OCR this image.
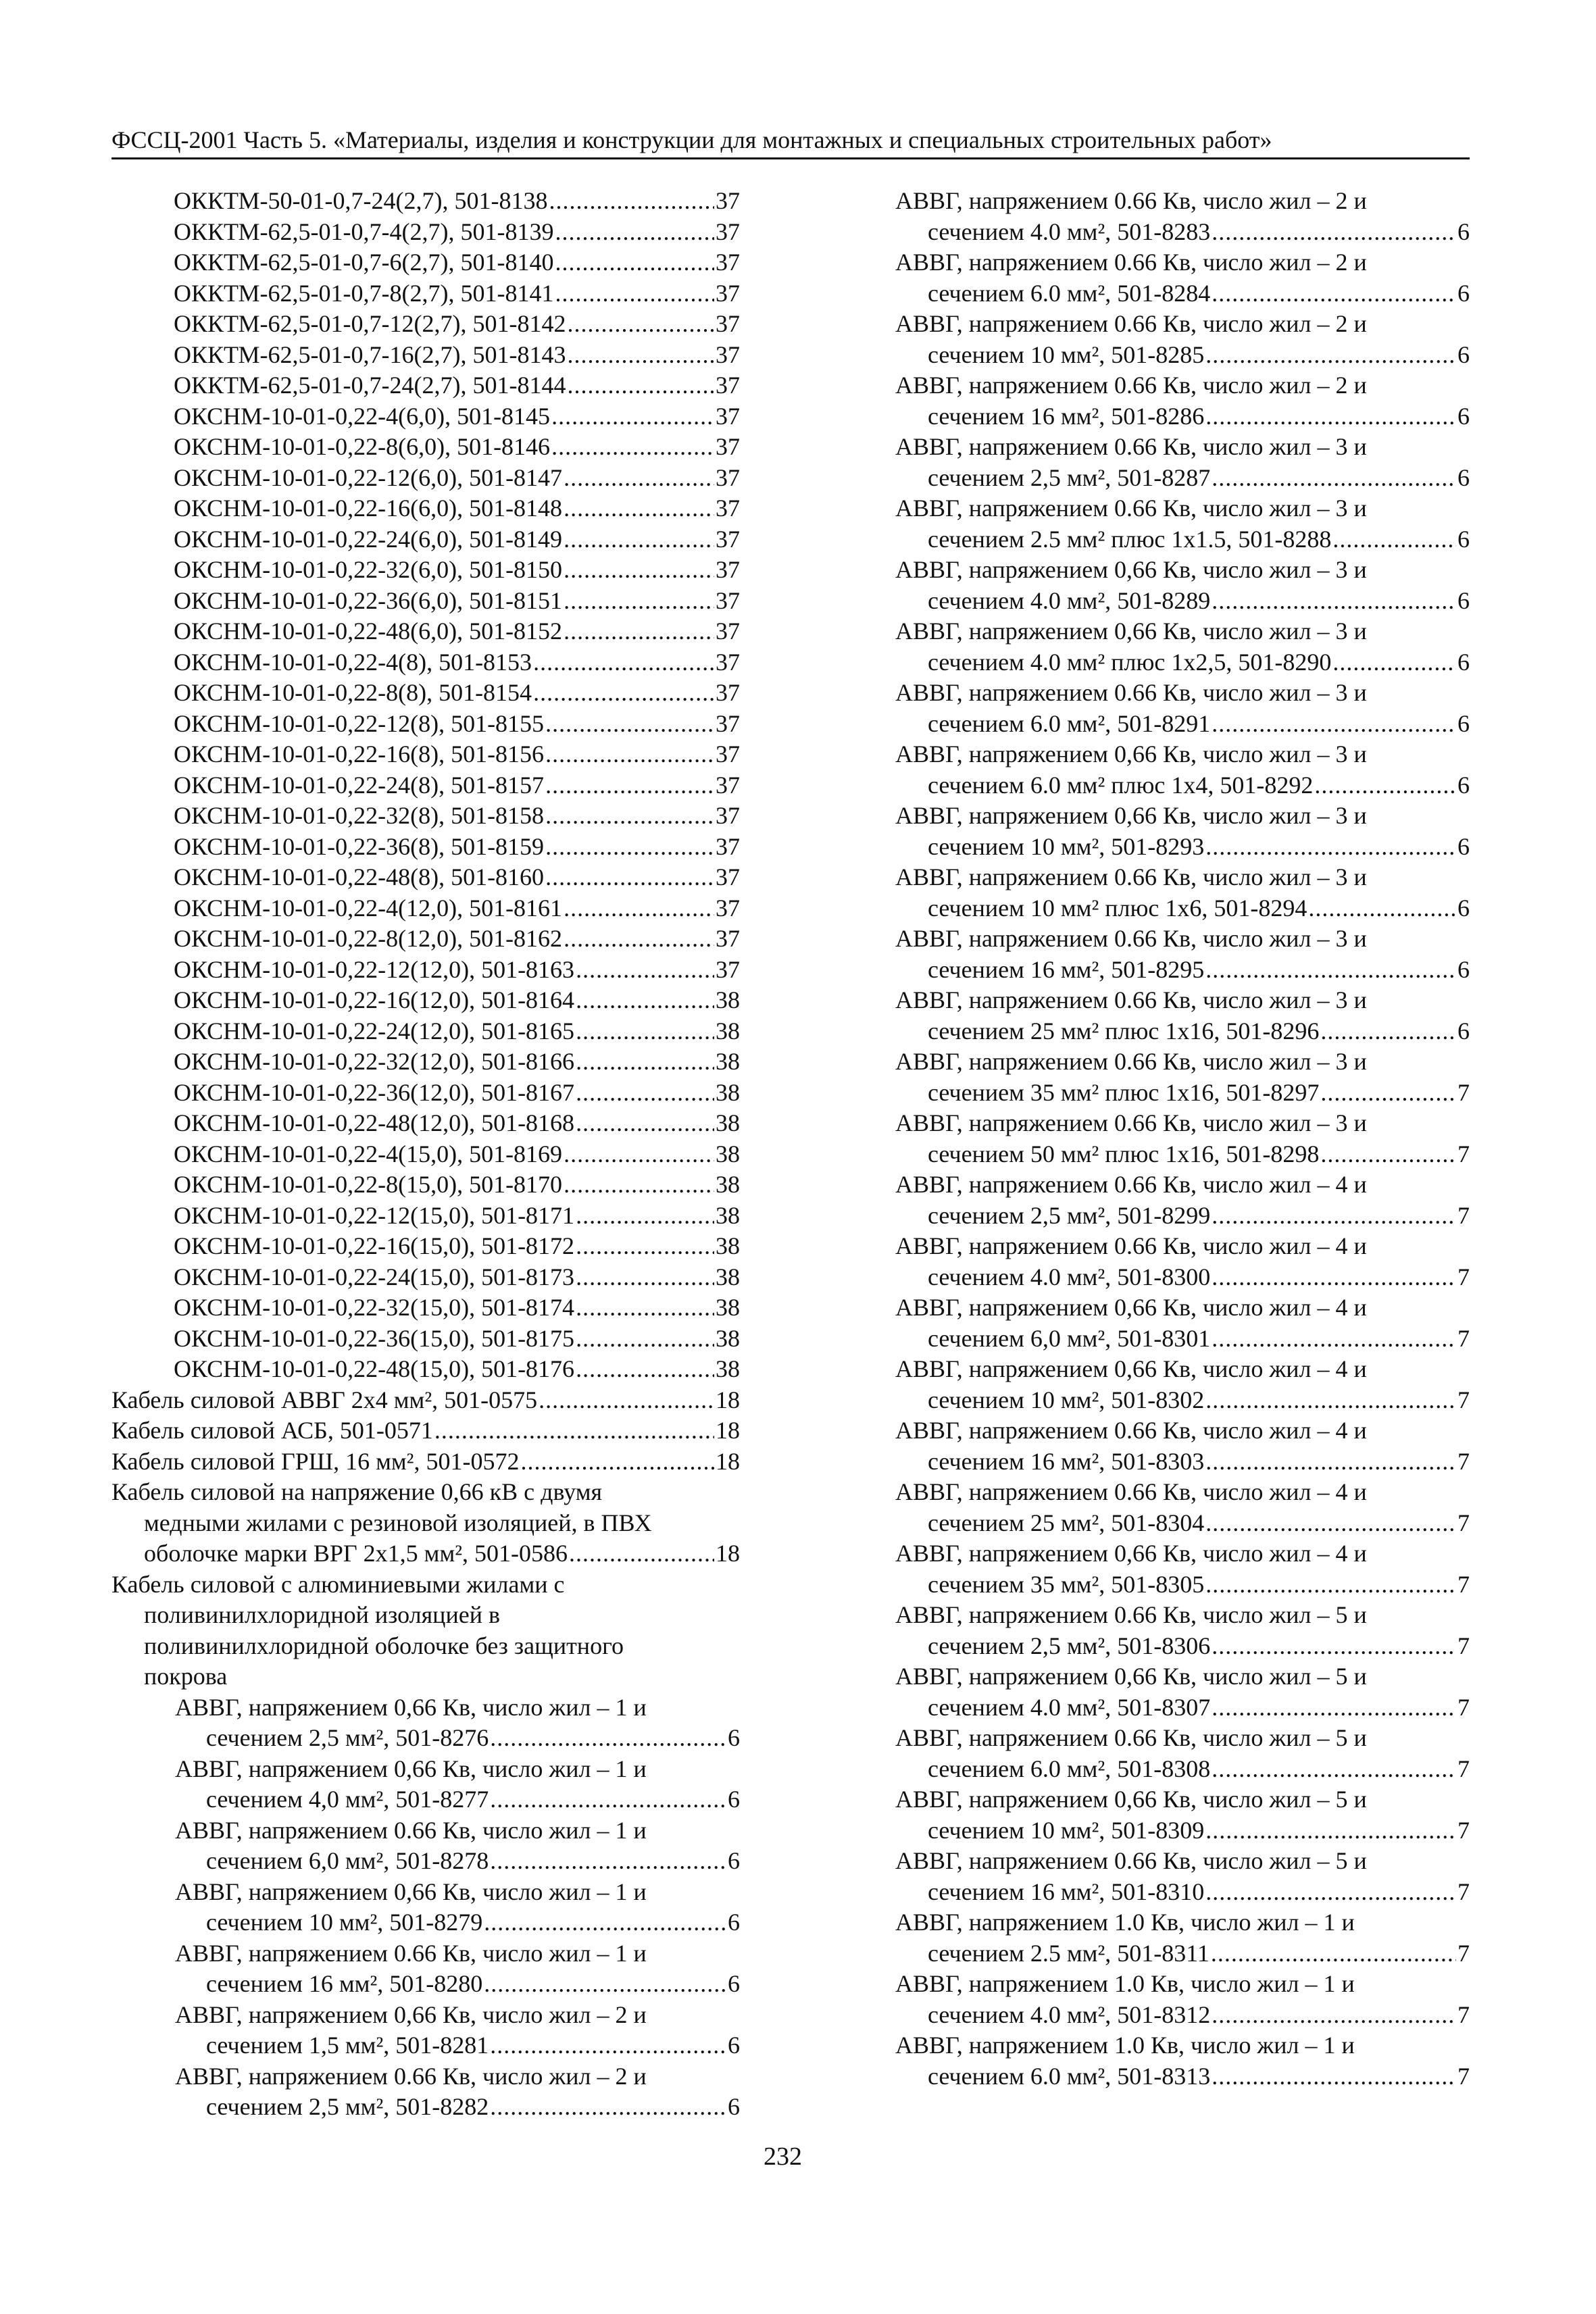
ФССЦ-2001 Часть 5. «Материалы, изделия и конструкции для монтажных и специальных строительных работ»
ОККТМ-50-01-0,7-24(2,7), 501-8138 .....	37
ОККТМ-62,5-01-0,7-4(2,7), 501-8139 .....	37
ОККТМ-62,5-01-0,7-6(2,7), 501-8140 .....	37
ОККТМ-62,5-01-0,7-8(2,7), 501-8141 .....	37
ОККТМ-62,5-01-0,7-12(2,7), 501-8142 .....	37
ОККТМ-62,5-01-0,7-16(2,7), 501-8143 .....	37
ОККТМ-62,5-01-0,7-24(2,7), 501-8144 .....	37
ОКСНМ-10-01-0,22-4(6,0), 501-8145 .....	37
ОКСНМ-10-01-0,22-8(6,0), 501-8146 .....	37
ОКСНМ-10-01-0,22-12(6,0), 501-8147 .....	37
ОКСНМ-10-01-0,22-16(6,0), 501-8148 .....	37
ОКСНМ-10-01-0,22-24(6,0), 501-8149 .....	37
ОКСНМ-10-01-0,22-32(6,0), 501-8150 .....	37
ОКСНМ-10-01-0,22-36(6,0), 501-8151 .....	37
ОКСНМ-10-01-0,22-48(6,0), 501-8152 .....	37
ОКСНМ-10-01-0,22-4(8), 501-8153 .....	37
ОКСНМ-10-01-0,22-8(8), 501-8154 .....	37
ОКСНМ-10-01-0,22-12(8), 501-8155 .....	37
ОКСНМ-10-01-0,22-16(8), 501-8156 .....	37
ОКСНМ-10-01-0,22-24(8), 501-8157 .....	37
ОКСНМ-10-01-0,22-32(8), 501-8158 .....	37
ОКСНМ-10-01-0,22-36(8), 501-8159 .....	37
ОКСНМ-10-01-0,22-48(8), 501-8160 .....	37
ОКСНМ-10-01-0,22-4(12,0), 501-8161 .....	37
ОКСНМ-10-01-0,22-8(12,0), 501-8162 .....	37
ОКСНМ-10-01-0,22-12(12,0), 501-8163 .....	37
ОКСНМ-10-01-0,22-16(12,0), 501-8164 .....	38
ОКСНМ-10-01-0,22-24(12,0), 501-8165 .....	38
ОКСНМ-10-01-0,22-32(12,0), 501-8166 .....	38
ОКСНМ-10-01-0,22-36(12,0), 501-8167 .....	38
ОКСНМ-10-01-0,22-48(12,0), 501-8168 .....	38
ОКСНМ-10-01-0,22-4(15,0), 501-8169 .....	38
ОКСНМ-10-01-0,22-8(15,0), 501-8170 .....	38
ОКСНМ-10-01-0,22-12(15,0), 501-8171 .....	38
ОКСНМ-10-01-0,22-16(15,0), 501-8172 .....	38
ОКСНМ-10-01-0,22-24(15,0), 501-8173 .....	38
ОКСНМ-10-01-0,22-32(15,0), 501-8174 .....	38
ОКСНМ-10-01-0,22-36(15,0), 501-8175 .....	38
ОКСНМ-10-01-0,22-48(15,0), 501-8176 .....	38
Кабель силовой АВВГ 2х4 мм², 501-0575 .....	18
Кабель силовой АСБ, 501-0571 .....	18
Кабель силовой ГРШ, 16 мм², 501-0572 .....	18
Кабель силовой на напряжение 0,66 кВ с двумя
медными жилами с резиновой изоляцией, в ПВХ
оболочке марки ВРГ 2х1,5 мм², 501-0586 .....	18
Кабель силовой с алюминиевыми жилами с
поливинилхлоридной изоляцией в
поливинилхлоридной оболочке без защитного
покрова
АВВГ, напряжением 0,66 Кв, число жил – 1 и
сечением 2,5 мм², 501-8276 .....	6
АВВГ, напряжением 0,66 Кв, число жил – 1 и
сечением 4,0 мм², 501-8277 .....	6
АВВГ, напряжением 0.66 Кв, число жил – 1 и
сечением 6,0 мм², 501-8278 .....	6
АВВГ, напряжением 0,66 Кв, число жил – 1 и
сечением 10 мм², 501-8279 .....	6
АВВГ, напряжением 0.66 Кв, число жил – 1 и
сечением 16 мм², 501-8280 .....	6
АВВГ, напряжением 0,66 Кв, число жил – 2 и
сечением 1,5 мм², 501-8281 .....	6
АВВГ, напряжением 0.66 Кв, число жил – 2 и
сечением 2,5 мм², 501-8282 .....	6
АВВГ, напряжением 0.66 Кв, число жил – 2 и
сечением 4.0 мм², 501-8283 .....	6
АВВГ, напряжением 0.66 Кв, число жил – 2 и
сечением 6.0 мм², 501-8284 .....	6
АВВГ, напряжением 0.66 Кв, число жил – 2 и
сечением 10 мм², 501-8285 .....	6
АВВГ, напряжением 0.66 Кв, число жил – 2 и
сечением 16 мм², 501-8286 .....	6
АВВГ, напряжением 0.66 Кв, число жил – 3 и
сечением 2,5 мм², 501-8287 .....	6
АВВГ, напряжением 0.66 Кв, число жил – 3 и
сечением 2.5 мм² плюс 1х1.5, 501-8288 .....	6
АВВГ, напряжением 0,66 Кв, число жил – 3 и
сечением 4.0 мм², 501-8289 .....	6
АВВГ, напряжением 0,66 Кв, число жил – 3 и
сечением 4.0 мм² плюс 1х2,5, 501-8290 .....	6
АВВГ, напряжением 0.66 Кв, число жил – 3 и
сечением 6.0 мм², 501-8291 .....	6
АВВГ, напряжением 0,66 Кв, число жил – 3 и
сечением 6.0 мм² плюс 1х4, 501-8292 .....	6
АВВГ, напряжением 0,66 Кв, число жил – 3 и
сечением 10 мм², 501-8293 .....	6
АВВГ, напряжением 0.66 Кв, число жил – 3 и
сечением 10 мм² плюс 1х6, 501-8294 .....	6
АВВГ, напряжением 0.66 Кв, число жил – 3 и
сечением 16 мм², 501-8295 .....	6
АВВГ, напряжением 0.66 Кв, число жил – 3 и
сечением 25 мм² плюс 1х16, 501-8296 .....	6
АВВГ, напряжением 0.66 Кв, число жил – 3 и
сечением 35 мм² плюс 1х16, 501-8297 .....	7
АВВГ, напряжением 0.66 Кв, число жил – 3 и
сечением 50 мм² плюс 1х16, 501-8298 .....	7
АВВГ, напряжением 0.66 Кв, число жил – 4 и
сечением 2,5 мм², 501-8299 .....	7
АВВГ, напряжением 0.66 Кв, число жил – 4 и
сечением 4.0 мм², 501-8300 .....	7
АВВГ, напряжением 0,66 Кв, число жил – 4 и
сечением 6,0 мм², 501-8301 .....	7
АВВГ, напряжением 0,66 Кв, число жил – 4 и
сечением 10 мм², 501-8302 .....	7
АВВГ, напряжением 0.66 Кв, число жил – 4 и
сечением 16 мм², 501-8303 .....	7
АВВГ, напряжением 0.66 Кв, число жил – 4 и
сечением 25 мм², 501-8304 .....	7
АВВГ, напряжением 0,66 Кв, число жил – 4 и
сечением 35 мм², 501-8305 .....	7
АВВГ, напряжением 0.66 Кв, число жил – 5 и
сечением 2,5 мм², 501-8306 .....	7
АВВГ, напряжением 0,66 Кв, число жил – 5 и
сечением 4.0 мм², 501-8307 .....	7
АВВГ, напряжением 0.66 Кв, число жил – 5 и
сечением 6.0 мм², 501-8308 .....	7
АВВГ, напряжением 0,66 Кв, число жил – 5 и
сечением 10 мм², 501-8309 .....	7
АВВГ, напряжением 0.66 Кв, число жил – 5 и
сечением 16 мм², 501-8310 .....	7
АВВГ, напряжением 1.0 Кв, число жил – 1 и
сечением 2.5 мм², 501-8311 .....	7
АВВГ, напряжением 1.0 Кв, число жил – 1 и
сечением 4.0 мм², 501-8312 .....	7
АВВГ, напряжением 1.0 Кв, число жил – 1 и
сечением 6.0 мм², 501-8313 .....	7
232
